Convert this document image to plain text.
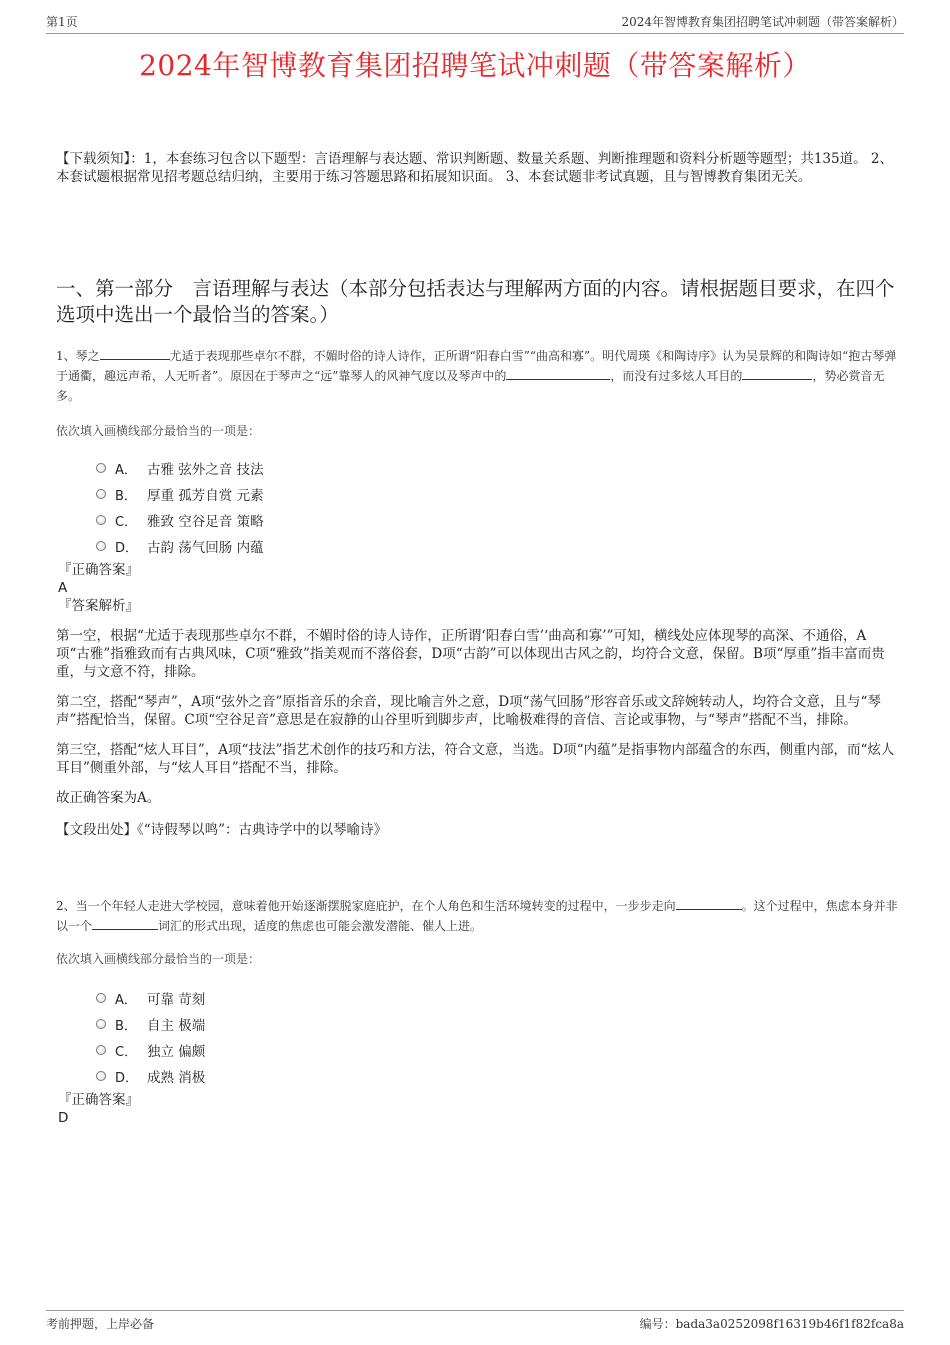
第1页	2024年智博教育集团招聘笔试冲刺题（带答案解析）
2024年智博教育集团招聘笔试冲刺题（带答案解析）
【下载须知】：1，本套练习包含以下题型：言语理解与表达题、常识判断题、数量关系题、判断推理题和资料分析题等题型；共135道。 2、本套试题根据常见招考题总结归纳，主要用于练习答题思路和拓展知识面。 3、本套试题非考试真题，且与智博教育集团无关。
一、第一部分　言语理解与表达（本部分包括表达与理解两方面的内容。请根据题目要求，在四个选项中选出一个最恰当的答案。）
1、琴之	尤适于表现那些卓尔不群，不媚时俗的诗人诗作，正所谓“阳春白雪”“曲高和寡”。明代周瑛《和陶诗序》认为吴景辉的和陶诗如“抱古琴弹于通衢，趣远声希，人无听者”。原因在于琴声之“远”靠琴人的风神气度以及琴声中的	，而没有过多炫人耳目的	，势必赏音无多。
依次填入画横线部分最恰当的一项是：
A． 古雅 弦外之音 技法
B． 厚重 孤芳自赏 元素
C． 雅致 空谷足音 策略
D． 古韵 荡气回肠 内蕴
『正确答案』
A
『答案解析』
第一空，根据“尤适于表现那些卓尔不群，不媚时俗的诗人诗作，正所谓‘阳春白雪’‘曲高和寡’”可知，横线处应体现琴的高深、不通俗，A项“古雅”指雅致而有古典风味，C项“雅致”指美观而不落俗套，D项“古韵”可以体现出古风之韵，均符合文意，保留。B项“厚重”指丰富而贵重，与文意不符，排除。
第二空，搭配“琴声”，A项“弦外之音”原指音乐的余音，现比喻言外之意，D项“荡气回肠”形容音乐或文辞婉转动人，均符合文意，且与“琴声”搭配恰当，保留。C项“空谷足音”意思是在寂静的山谷里听到脚步声，比喻极难得的音信、言论或事物，与“琴声”搭配不当，排除。
第三空，搭配“炫人耳目”，A项“技法”指艺术创作的技巧和方法，符合文意，当选。D项“内蕴”是指事物内部蕴含的东西，侧重内部，而“炫人耳目”侧重外部，与“炫人耳目”搭配不当，排除。
故正确答案为A。
【文段出处】《“诗假琴以鸣”：古典诗学中的以琴喻诗》
2、当一个年轻人走进大学校园，意味着他开始逐渐摆脱家庭庇护，在个人角色和生活环境转变的过程中，一步步走向	。这个过程中，焦虑本身并非以一个	词汇的形式出现，适度的焦虑也可能会激发潜能、催人上进。
依次填入画横线部分最恰当的一项是：
A． 可靠 苛刻
B． 自主 极端
C． 独立 偏颇
D． 成熟 消极
『正确答案』
D
考前押题，上岸必备	编号：bada3a0252098f16319b46f1f82fca8a
